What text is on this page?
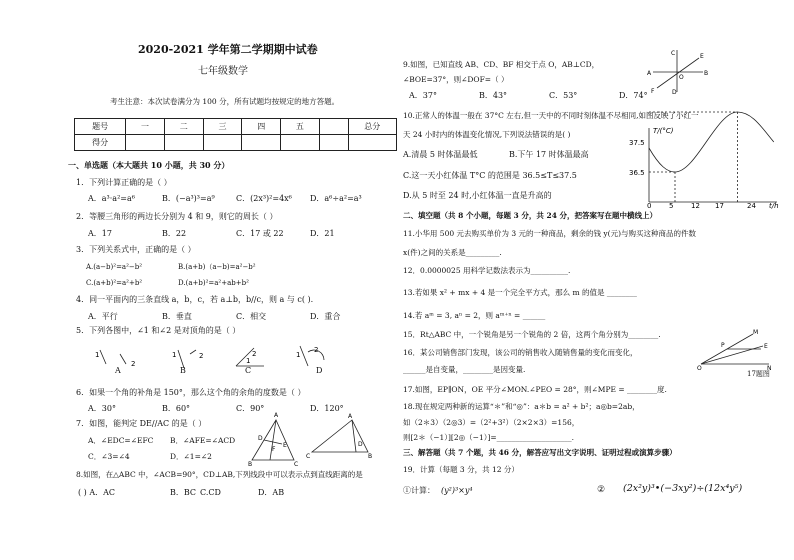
2020-2021 学年第二学期期中试卷
七年级数学
考生注意：本次试卷满分为 100 分，所有试题均按规定的地方答题。
题号	一	二	三	四	五		总分
得分							
一、单选题（本大题共 10 小题，共 30 分）
1．下列计算正确的是（ ）
A．a³·a²=a⁶	B．(−a³)³=a⁹	C．(2x³)²=4x⁶ D．a⁶÷a²=a³
2．等腰三角形的两边长分别为 4 和 9，则它的周长（ ）
A．17	B．22	C．17 或 22	D．21
3．下列关系式中，正确的是（ ）
A.(a−b)²=a²−b²	B.(a+b)（a−b)=a²−b²
C.(a+b)²=a²+b²	D.(a+b)²=a²+ab+b²
4．同一平面内的三条直线 a，b，c，若 a⊥b，b//c，则 a 与 c( ).
A．平行	B．垂直	C．相交	D．重合
5．下列各图中，∠1 和∠2 是对顶角的是（ ）
1
2
1	2
1
2	1
2
A	B	C	D
6．如果一个角的补角是 150°，那么这个角的余角的度数是（ ）
A．30°	B．60°	C．90°	D．120°
7．如图，能判定 DE//AC 的是（ ）
A．∠EDC=∠EFC B．∠AFE=∠ACD
C．∠3=∠4	D．∠1=∠2
A
D
E
F
B	C
A
D
C	B
8.如图，在△ABC 中，∠ACB=90°，CD⊥AB,下列线段中可以表示点到直线距离的是
( ) A．AC	B．BC C.CD	D．AB
9.如图，已知直线 AB、CD、BF 相交于点 O，AB⊥CD，
∠BOE=37°，则∠DOF=（ ）
A．37°	B．43°	C．53°	D．74°
C
A
E
B
F	D
O
10.正常人的体温一般在 37°C 左右,但一天中的不同时刻体温不尽相同,如图反映了小红一
天 24 小时内的体温变化情况,下列说法错误的是( )
A.清晨 5 时体温最低	B.下午 17 时体温最高
C.这一天小红体温 T°C 的范围是 36.5≤T≤37.5
D.从 5 时至 24 时,小红体温一直是升高的
T/(°C)
t/h
37.5
36.5
0	5	12 17	24
二、填空题（共 8 个小题，每题 3 分，共 24 分，把答案写在题中横线上）
11.小华用 500 元去购买单价为 3 元的一种商品，剩余的钱 y(元)与购买这种商品的件数
x(件)之间的关系是_________.
12．0.0000025 用科学记数法表示为__________.
13.若如果 x² + mx + 4 是一个完全平方式，那么 m 的值是 ________
14.若 aᵐ = 3, aⁿ = 2，则 aᵐ⁺ⁿ = ______
15．Rt△ABC 中，一个锐角是另一个锐角的 2 倍，这两个角分别为________.
16．某公司销售部门发现，该公司的销售收入随销售量的变化而变化，
______是自变量，________是因变量.
M
P	E
O	N
17题图
17.如图，EP∥ON，OE 平分∠MON.∠PEO = 28°，则∠MPE = ________度.
18.现在规定两种新的运算“＊”和“◎”：a＊b = a² + b²；a◎b=2ab，
如（2＊3）（2◎3）=（2²+3²）（2×2×3）=156，
则[2＊（−1）][2◎（−1）]=____________________.
三、解答题（共 7 个题，共 46 分，解答应写出文字说明、证明过程或演算步骤）
19．计算（每题 3 分，共 12 分）
①计算： (y²)³×y⁴	② (2x²y)³•(−3xy²)÷(12x⁴y⁵)
